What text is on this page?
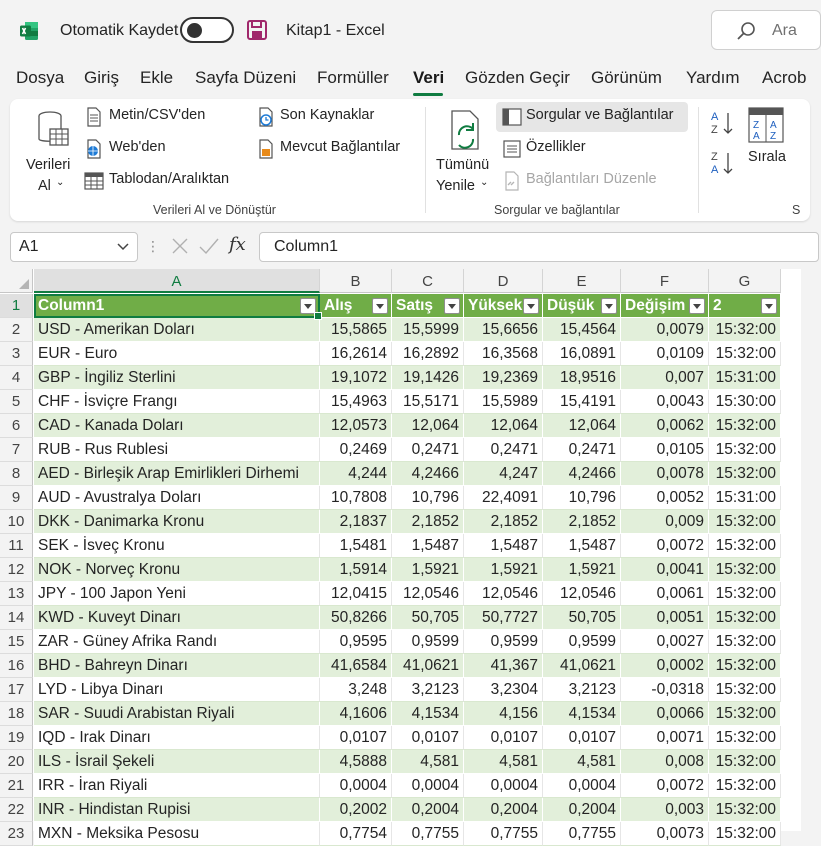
Otomatik Kaydet	Kitap1 - Excel	Ara
Dosya Giriş Ekle Sayfa Düzeni Formüller Veri Gözden Geçir Görünüm Yardım Acrob
Verileri
Al ⌄
Metin/CSV'den
Web'den
Tablodan/Aralıktan
Son Kaynaklar
Mevcut Bağlantılar
Verileri Al ve Dönüştür
Tümünü
Yenile ⌄
Sorgular ve Bağlantılar
Özellikler
Bağlantıları Düzenle
Sorgular ve bağlantılar
A
Z
Z
A
Z
A
A
Z
Sırala
S
A1	⋮	fx	Column1
A	B	C	D	E	F	G
1	Column1	Alış	Satış	Yüksek	Düşük	Değişim	2
2	USD - Amerikan Doları	15,5865	15,5999	15,6656	15,4564	0,0079 15:32:00
3	EUR - Euro	16,2614	16,2892	16,3568	16,0891	0,0109 15:32:00
4	GBP - İngiliz Sterlini	19,1072	19,1426	19,2369	18,9516	0,007 15:31:00
5	CHF - İsviçre Frangı	15,4963	15,5171	15,5989	15,4191	0,0043 15:30:00
6	CAD - Kanada Doları	12,0573	12,064	12,064	12,064	0,0062 15:32:00
7	RUB - Rus Rublesi	0,2469	0,2471	0,2471	0,2471	0,0105 15:32:00
8	AED - Birleşik Arap Emirlikleri Dirhemi	4,244	4,2466	4,247	4,2466	0,0078 15:32:00
9	AUD - Avustralya Doları	10,7808	10,796	22,4091	10,796	0,0052 15:31:00
10 DKK - Danimarka Kronu	2,1837	2,1852	2,1852	2,1852	0,009 15:32:00
11 SEK - İsveç Kronu	1,5481	1,5487	1,5487	1,5487	0,0072 15:32:00
12 NOK - Norveç Kronu	1,5914	1,5921	1,5921	1,5921	0,0041 15:32:00
13 JPY - 100 Japon Yeni	12,0415	12,0546	12,0546	12,0546	0,0061 15:32:00
14 KWD - Kuveyt Dinarı	50,8266	50,705	50,7727	50,705	0,0051 15:32:00
15 ZAR - Güney Afrika Randı	0,9595	0,9599	0,9599	0,9599	0,0027 15:32:00
16 BHD - Bahreyn Dinarı	41,6584	41,0621	41,367	41,0621	0,0002 15:32:00
17 LYD - Libya Dinarı	3,248	3,2123	3,2304	3,2123	-0,0318 15:32:00
18 SAR - Suudi Arabistan Riyali	4,1606	4,1534	4,156	4,1534	0,0066 15:32:00
19 IQD - Irak Dinarı	0,0107	0,0107	0,0107	0,0107	0,0071 15:32:00
20 ILS - İsrail Şekeli	4,5888	4,581	4,581	4,581	0,008 15:32:00
21 IRR - İran Riyali	0,0004	0,0004	0,0004	0,0004	0,0072 15:32:00
22 INR - Hindistan Rupisi	0,2002	0,2004	0,2004	0,2004	0,003 15:32:00
23 MXN - Meksika Pesosu	0,7754	0,7755	0,7755	0,7755	0,0073 15:32:00
